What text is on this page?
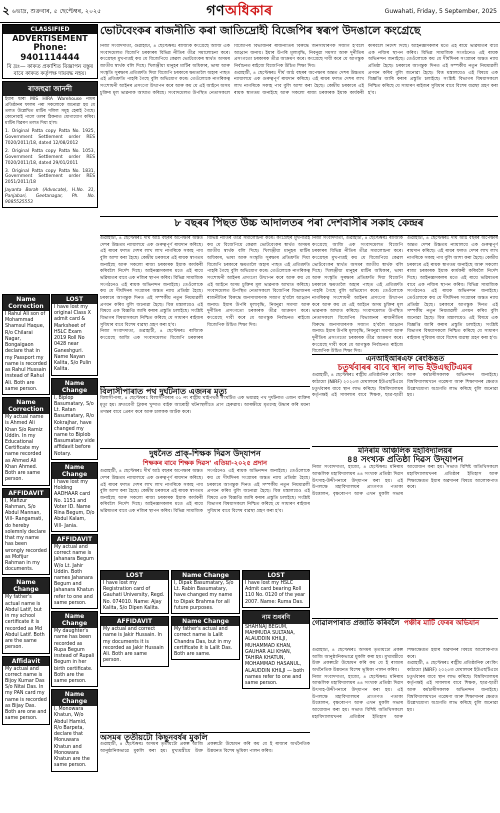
২ ৬ভাদ্ৰ, শুক্ৰবাৰ, ৫ ছেপ্টেম্বৰ, ২০২৫	গণঅধিকাৰ	Guwahati, Friday, 5 September, 2025
CLASSIFIED
ADVERTISEMENT
Phone: 9401114444
বি দ্ৰঃ— কাকত প্ৰকাশিত বিজ্ঞাপন বস্তুৰ বাবে কাকত কৰ্তৃপক্ষ দায়বদ্ধ নহয়।
ৰাজহুৱা জাননী
ইয়াৰ দ্বাৰা MIS HIRA Warehouse নামৰ প্ৰতিষ্ঠানৰ ফালৰ পৰা সকলোকে জনোৱা হয় যে তলত উল্লেখিত মাটিৰ দলিল সমূহ হেৰাই গৈছে। কোনোবাই পালে তলৰ ঠিকনাত যোগাযোগ কৰিব। মাটিৰ বিৱৰণ তলত দিয়া হ'ল।
1. Original Patta copy Patta No. 1925, Government Settlement order RES 7020/2011/18, dated 12/08/2012
2. Original Patta copy Patta No. 1053, Government Settlement order RES 7020/2011/18, dated 29/01/2011
3. Original Patta copy Patta No. 1831, Government Settlement order RES 2051/2011/18
Jayanta Borah (Advocate), H.No. 31, Panjabari, Geetanagar, Ph. No. 9085525553
Name Correction
I Rahul Ali son of Mohammad Shamsul Haque, R/o Chilarai Nagar, Bongaigaon declare that in my Passport my name is recorded as Rahul Hussain instead of Rahul Ali. Both are same person.
Name Correction
My actual name is Ahmed Ali Khan S/o Ramiz Uddin. In my Educational Certificate my name recorded as Ahmed Ali Khan Ahmed. Both are same person.
AFFIDAVIT
I, Mafizur Rahman, S/o Abdul Mannan, Vill- Rangamati, do hereby solemnly declare that my name has been wrongly recorded as Mofijur Rahman in my documents.
Name Change
My father's actual name is Abdul Latif, but in my school certificate it is recorded as Md Abdul Latif. Both are the same person.
Affidavit
My actual and correct name is Bijoy Kumar Das S/o Nitai Das. In my PAN card my name is recorded as Bijay Das. Both are one and same person.
LOST
I have lost my original Class X admit card & Marksheet of HSLC Exam 2019 Roll No 0428 near Ganeshguri. Name Nayan Kalita, S/o Pulin Kalita.
Name Change
I, Biplop Basumatary, S/o Lt. Ratan Basumatary, R/o Kokrajhar, have changed my name to Biplob Basumatary vide affidavit before Notary.
Name Change
I have lost my Holding AADHAAR card No. 1151 and Voter ID. Name Rina Begum, D/o Abdul Kalam, Vill- Jania.
AFFIDAVIT
My actual and correct name is Jahanara Begum W/o Lt. Jahir Uddin. Both names Jahanara Begum and Jahanara Khatun refer to one and same person.
Name Change
My daughter's name has been recorded as Rupa Begum instead of Rupali Begum in her birth certificate. Both are the same person.
Name Change
I, Monowara Khatun, W/o Abdul Hamid, R/o Barpeta, declare that Monuwara Khatun and Monowara Khatun are the same person.
ভোটবেংকৰ ৰাজনীতি কৰা জাতিদ্ৰোহী বিজেপিৰ স্বৰূপ উদঙালে কংগ্ৰেছে
নিজা সংবাদদাতা, গুৱাহাটী, ৪ ছেপ্টেম্বৰঃ ৰাজ্যিক কংগ্ৰেছে আজি এক সংবাদমেলত বিজেপি চৰকাৰৰ বিভিন্ন নীতিৰ তীব্ৰ সমালোচনা কৰে। কংগ্ৰেছৰ মুখপাত্ৰই কয় যে বিজেপিয়ে কেৱল ভোটবেংকৰ স্বাৰ্থত অসমৰ জাতীয় স্বাৰ্থক বলি দিছে। খিলঞ্জীয়া মানুহৰ মাটিৰ অধিকাৰ, ভাষা আৰু সংস্কৃতি সুৰক্ষাৰ প্ৰতিশ্ৰুতি দিয়া বিজেপি চৰকাৰে ক্ষমতালৈ অহাৰ পাছত এই প্ৰতিশ্ৰুতি পাহৰি গৈছে বুলি অভিযোগ কৰে। তেওঁলোকে নাগৰিকত্ব সংশোধনী আইনৰ প্ৰসংগো উত্থাপন কৰে আৰু কয় যে এই আইনে অসম চুক্তিৰ মূল ভাৱনাক আঘাত কৰিছে। সংবাদমেলত উপস্থিত নেতাসকলে বিজেপিৰ বিভাজনৰ ৰাজনীতিৰ বিৰুদ্ধে জনসাধাৰণক সজাগ হ'বলৈ আহ্বান জনায়। ইয়াৰ উপৰি মূল্যবৃদ্ধি, নিবনুৱা সমস্যা আৰু দুৰ্নীতিৰ প্ৰসংগতো চৰকাৰক তীব্ৰ আক্ৰমণ কৰে। কংগ্ৰেছে দাবী কৰে যে আগন্তুক নিৰ্বাচনত ৰাইজে বিজেপিক উচিত শিক্ষা দিব।
গুৱাহাটী, ৪ ছেপ্টেম্বৰঃ দীৰ্ঘ আঠ বছৰৰ অপেক্ষাৰ অন্তত দেশৰ উচ্চতম ন্যায়ালয়ে এক গুৰুত্বপূৰ্ণ ৰায়দান কৰিছে। এই ৰায়ৰ ফলত দেশৰ লাখ লাখ নাগৰিকে সকাহ পাব বুলি আশা কৰা হৈছে। কেন্দ্ৰীয় চৰকাৰে এই ৰায়ক স্বাগতম জনাইছে আৰু সকলো ৰাজ্য চৰকাৰক ইয়াক কাৰ্যকৰী কৰিবলৈ নিৰ্দেশ দিছে। আইনজ্ঞসকলৰ মতে এই ৰায়ে ভৱিষ্যতৰ বাবে এক নজিৰ স্থাপন কৰিব। বিভিন্ন সামাজিক সংগঠনেও এই ৰায়ক অভিনন্দন জনাইছে। তেওঁলোকে কয় যে দীৰ্ঘদিনৰ সংগ্ৰামৰ অন্তত ন্যায় প্ৰতিষ্ঠা হৈছে। চৰকাৰে আগন্তুক দিনত এই সম্পৰ্কীয় নতুন নিয়মাৱলী প্ৰণয়ন কৰিব বুলি জনোৱা হৈছে। বিত্ত মন্ত্ৰালয়েও এই বিষয়ে এক বিজ্ঞপ্তি জাৰি কৰাৰ প্ৰস্তুতি চলাইছে। সংশ্লিষ্ট বিভাগৰ বিষয়াসকলে নিশ্চিত কৰিছে যে সাধাৰণ ৰাইজৰ সুবিধাৰ বাবে বিশেষ ব্যৱস্থা গ্ৰহণ কৰা হ'ব।
৮ বছৰৰ পিছত উচ্চ আদালতৰ পৰা দেশবাসীৰ সকাহ কেন্দ্ৰৰ
গুৱাহাটী, ৪ ছেপ্টেম্বৰঃ দীৰ্ঘ আঠ বছৰৰ অপেক্ষাৰ অন্তত দেশৰ উচ্চতম ন্যায়ালয়ে এক গুৰুত্বপূৰ্ণ ৰায়দান কৰিছে। এই ৰায়ৰ ফলত দেশৰ লাখ লাখ নাগৰিকে সকাহ পাব বুলি আশা কৰা হৈছে। কেন্দ্ৰীয় চৰকাৰে এই ৰায়ক স্বাগতম জনাইছে আৰু সকলো ৰাজ্য চৰকাৰক ইয়াক কাৰ্যকৰী কৰিবলৈ নিৰ্দেশ দিছে। আইনজ্ঞসকলৰ মতে এই ৰায়ে ভৱিষ্যতৰ বাবে এক নজিৰ স্থাপন কৰিব। বিভিন্ন সামাজিক সংগঠনেও এই ৰায়ক অভিনন্দন জনাইছে। তেওঁলোকে কয় যে দীৰ্ঘদিনৰ সংগ্ৰামৰ অন্তত ন্যায় প্ৰতিষ্ঠা হৈছে। চৰকাৰে আগন্তুক দিনত এই সম্পৰ্কীয় নতুন নিয়মাৱলী প্ৰণয়ন কৰিব বুলি জনোৱা হৈছে। বিত্ত মন্ত্ৰালয়েও এই বিষয়ে এক বিজ্ঞপ্তি জাৰি কৰাৰ প্ৰস্তুতি চলাইছে। সংশ্লিষ্ট বিভাগৰ বিষয়াসকলে নিশ্চিত কৰিছে যে সাধাৰণ ৰাইজৰ সুবিধাৰ বাবে বিশেষ ব্যৱস্থা গ্ৰহণ কৰা হ'ব।
নিজা সংবাদদাতা, গুৱাহাটী, ৪ ছেপ্টেম্বৰঃ ৰাজ্যিক কংগ্ৰেছে আজি এক সংবাদমেলত বিজেপি চৰকাৰৰ বিভিন্ন নীতিৰ তীব্ৰ সমালোচনা কৰে। কংগ্ৰেছৰ মুখপাত্ৰই কয় যে বিজেপিয়ে কেৱল ভোটবেংকৰ স্বাৰ্থত অসমৰ জাতীয় স্বাৰ্থক বলি দিছে। খিলঞ্জীয়া মানুহৰ মাটিৰ অধিকাৰ, ভাষা আৰু সংস্কৃতি সুৰক্ষাৰ প্ৰতিশ্ৰুতি দিয়া বিজেপি চৰকাৰে ক্ষমতালৈ অহাৰ পাছত এই প্ৰতিশ্ৰুতি পাহৰি গৈছে বুলি অভিযোগ কৰে। তেওঁলোকে নাগৰিকত্ব সংশোধনী আইনৰ প্ৰসংগো উত্থাপন কৰে আৰু কয় যে এই আইনে অসম চুক্তিৰ মূল ভাৱনাক আঘাত কৰিছে। সংবাদমেলত উপস্থিত নেতাসকলে বিজেপিৰ বিভাজনৰ ৰাজনীতিৰ বিৰুদ্ধে জনসাধাৰণক সজাগ হ'বলৈ আহ্বান জনায়। ইয়াৰ উপৰি মূল্যবৃদ্ধি, নিবনুৱা সমস্যা আৰু দুৰ্নীতিৰ প্ৰসংগতো চৰকাৰক তীব্ৰ আক্ৰমণ কৰে। কংগ্ৰেছে দাবী কৰে যে আগন্তুক নিৰ্বাচনত ৰাইজে বিজেপিক উচিত শিক্ষা দিব।
নিজা সংবাদদাতা, গুৱাহাটী, ৪ ছেপ্টেম্বৰঃ ৰাজ্যিক কংগ্ৰেছে আজি এক সংবাদমেলত বিজেপি চৰকাৰৰ বিভিন্ন নীতিৰ তীব্ৰ সমালোচনা কৰে। কংগ্ৰেছৰ মুখপাত্ৰই কয় যে বিজেপিয়ে কেৱল ভোটবেংকৰ স্বাৰ্থত অসমৰ জাতীয় স্বাৰ্থক বলি দিছে। খিলঞ্জীয়া মানুহৰ মাটিৰ অধিকাৰ, ভাষা আৰু সংস্কৃতি সুৰক্ষাৰ প্ৰতিশ্ৰুতি দিয়া বিজেপি চৰকাৰে ক্ষমতালৈ অহাৰ পাছত এই প্ৰতিশ্ৰুতি পাহৰি গৈছে বুলি অভিযোগ কৰে। তেওঁলোকে নাগৰিকত্ব সংশোধনী আইনৰ প্ৰসংগো উত্থাপন কৰে আৰু কয় যে এই আইনে অসম চুক্তিৰ মূল ভাৱনাক আঘাত কৰিছে। সংবাদমেলত উপস্থিত নেতাসকলে বিজেপিৰ বিভাজনৰ ৰাজনীতিৰ বিৰুদ্ধে জনসাধাৰণক সজাগ হ'বলৈ আহ্বান জনায়। ইয়াৰ উপৰি মূল্যবৃদ্ধি, নিবনুৱা সমস্যা আৰু দুৰ্নীতিৰ প্ৰসংগতো চৰকাৰক তীব্ৰ আক্ৰমণ কৰে। কংগ্ৰেছে দাবী কৰে যে আগন্তুক নিৰ্বাচনত ৰাইজে বিজেপিক উচিত শিক্ষা দিব।
গুৱাহাটী, ৪ ছেপ্টেম্বৰঃ দীৰ্ঘ আঠ বছৰৰ অপেক্ষাৰ অন্তত দেশৰ উচ্চতম ন্যায়ালয়ে এক গুৰুত্বপূৰ্ণ ৰায়দান কৰিছে। এই ৰায়ৰ ফলত দেশৰ লাখ লাখ নাগৰিকে সকাহ পাব বুলি আশা কৰা হৈছে। কেন্দ্ৰীয় চৰকাৰে এই ৰায়ক স্বাগতম জনাইছে আৰু সকলো ৰাজ্য চৰকাৰক ইয়াক কাৰ্যকৰী কৰিবলৈ নিৰ্দেশ দিছে। আইনজ্ঞসকলৰ মতে এই ৰায়ে ভৱিষ্যতৰ বাবে এক নজিৰ স্থাপন কৰিব। বিভিন্ন সামাজিক সংগঠনেও এই ৰায়ক অভিনন্দন জনাইছে। তেওঁলোকে কয় যে দীৰ্ঘদিনৰ সংগ্ৰামৰ অন্তত ন্যায় প্ৰতিষ্ঠা হৈছে। চৰকাৰে আগন্তুক দিনত এই সম্পৰ্কীয় নতুন নিয়মাৱলী প্ৰণয়ন কৰিব বুলি জনোৱা হৈছে। বিত্ত মন্ত্ৰালয়েও এই বিষয়ে এক বিজ্ঞপ্তি জাৰি কৰাৰ প্ৰস্তুতি চলাইছে। সংশ্লিষ্ট বিভাগৰ বিষয়াসকলে নিশ্চিত কৰিছে যে সাধাৰণ ৰাইজৰ সুবিধাৰ বাবে বিশেষ ব্যৱস্থা গ্ৰহণ কৰা হ'ব।
বিলাসীপাৰাত পথ দুৰ্ঘটনাত এজনৰ মৃত্যু
বিলাসীপাৰা, ৪ ছেপ্টেম্বৰঃ বিলাসীপাৰাৰ ৩১ নং ৰাষ্ট্ৰীয় ঘাইপথত সংঘটিত এক ভয়াৱহ পথ দুৰ্ঘটনাত এজন ব্যক্তিৰ মৃত্যু হয়। দ্ৰুতবেগী ট্ৰাকৰ খুন্দাত বাইক আৰোহী ঘটনাস্থলীতে প্ৰাণ হেৰুৱায়। আৰক্ষীয়ে মৃতদেহ উদ্ধাৰ কৰি ময়না তদন্তৰ বাবে প্ৰেৰণ কৰে আৰু চালকক আটক কৰে।
এনআইআৰএফ ৰেংকিঙত
চতুৰ্থবাৰৰ বাবে স্থান লাভ ইউএছটিএমৰ
গুৱাহাটী, ৪ ছেপ্টেম্বৰঃ ৰাষ্ট্ৰীয় প্ৰতিষ্ঠানিক ৰেংকিং কাঠামো (NIRF) ২০২৫ত মেঘালয়ৰ ইউএছটিএমে চতুৰ্থবাৰৰ বাবে স্থান লাভ কৰিছে। বিশ্ববিদ্যালয়ৰ কৰ্তৃপক্ষই এই সাফল্যৰ বাবে শিক্ষক, ছাত্ৰ-ছাত্ৰী আৰু কৰ্মচাৰীসকলক অভিনন্দন জনাইছে। বিশ্ববিদ্যালয়খনে গৱেষণা আৰু শিক্ষাদানৰ ক্ষেত্ৰত উল্লেখযোগ্য অগ্ৰগতি লাভ কৰিছে বুলি জনোৱা হয়।
দুধনৈত প্ৰাক্-শিক্ষক দিৱস উদ্‌যাপন
শিক্ষকৰ বাবে শিক্ষক দিৱস' এতিয়া-২০২৫ প্ৰদান
গুৱাহাটী, ৪ ছেপ্টেম্বৰঃ দীৰ্ঘ আঠ বছৰৰ অপেক্ষাৰ অন্তত দেশৰ উচ্চতম ন্যায়ালয়ে এক গুৰুত্বপূৰ্ণ ৰায়দান কৰিছে। এই ৰায়ৰ ফলত দেশৰ লাখ লাখ নাগৰিকে সকাহ পাব বুলি আশা কৰা হৈছে। কেন্দ্ৰীয় চৰকাৰে এই ৰায়ক স্বাগতম জনাইছে আৰু সকলো ৰাজ্য চৰকাৰক ইয়াক কাৰ্যকৰী কৰিবলৈ নিৰ্দেশ দিছে। আইনজ্ঞসকলৰ মতে এই ৰায়ে ভৱিষ্যতৰ বাবে এক নজিৰ স্থাপন কৰিব। বিভিন্ন সামাজিক সংগঠনেও এই ৰায়ক অভিনন্দন জনাইছে। তেওঁলোকে কয় যে দীৰ্ঘদিনৰ সংগ্ৰামৰ অন্তত ন্যায় প্ৰতিষ্ঠা হৈছে। চৰকাৰে আগন্তুক দিনত এই সম্পৰ্কীয় নতুন নিয়মাৱলী প্ৰণয়ন কৰিব বুলি জনোৱা হৈছে। বিত্ত মন্ত্ৰালয়েও এই বিষয়ে এক বিজ্ঞপ্তি জাৰি কৰাৰ প্ৰস্তুতি চলাইছে। সংশ্লিষ্ট বিভাগৰ বিষয়াসকলে নিশ্চিত কৰিছে যে সাধাৰণ ৰাইজৰ সুবিধাৰ বাবে বিশেষ ব্যৱস্থা গ্ৰহণ কৰা হ'ব।
মনিৰাম আঞ্চলিক মহাবিদ্যালয়ৰ
৪৪ সংখ্যক প্ৰতিষ্ঠা দিৱস উদ্‌যাপন
নিজা সংবাদদাতা, হাজো, ৪ ছেপ্টেম্বৰঃ মনিৰাম আঞ্চলিক মহাবিদ্যালয়ৰ ৪৪ সংখ্যক প্ৰতিষ্ঠা দিৱস উৎসাহ-উদ্দীপনাৰে উদ্‌যাপন কৰা হয়। এই উপলক্ষে মহাবিদ্যালয়ৰ প্ৰাংগণত পতাকা উত্তোলন, বৃক্ষৰোপণ আৰু এখন মুকলি সভাৰ আয়োজন কৰা হয়। সভাত বিশিষ্ট অতিথিসকলে মহাবিদ্যালয়খনৰ প্ৰতিষ্ঠাৰ ইতিহাস আৰু শিক্ষাক্ষেত্ৰত ইয়াৰ অৱদানৰ বিষয়ে আলোকপাত কৰে।
LOST
I have lost my Registration card of Gauhati University, Regd. No. 074010. Name: Ajay Kalita, S/o Dipen Kalita.
AFFIDAVIT
My actual and correct name is Jakir Hussain. In my documents it is recorded as Jakir Hussain Ali. Both are same person.
Name Change
I, Dipak Basumatary, S/o Lt. Rabin Basumatary, have changed my name to Dipak Brahma for all future purposes.
Name Change
My father's actual and correct name is Lalit Chandra Das, but in my certificate it is Lalit Das. Both are same.
LOST
I have lost my HSLC Admit card bearing Roll 110 No. 0120 of the year 2007. Name: Ruma Das.
নাম শুধৰণি
SHAHNAJ BEGUM, MAHMUDA SULTANA, ALAUDDIN KHILJI, MUHAMMAD KHAN, GAUHAR ALI KHAN, TAHIRA KHATUN, MOHAMMAD HASANUL, ALAUDDIN KHILJI — both names refer to one and same person.
গোৱালপাৰাত প্ৰজাতি কৰিবলৈ পঞ্চীৰ মাটি ফেৰৰ অভিযান
গুৱাহাটী, ৪ ছেপ্টেম্বৰঃ অসমৰ তৃতীয়টো প্ৰকল্প আজি আনুষ্ঠানিকভাৱে মুকলি কৰা হয়। মুখ্যমন্ত্ৰীয়ে উক্ত প্ৰকল্পটো উদ্বোধন কৰি কয় যে ই ৰাজ্যৰ অৰ্থনৈতিক উন্নয়নত বিশেষ ভূমিকা পালন কৰিব।
নিজা সংবাদদাতা, হাজো, ৪ ছেপ্টেম্বৰঃ মনিৰাম আঞ্চলিক মহাবিদ্যালয়ৰ ৪৪ সংখ্যক প্ৰতিষ্ঠা দিৱস উৎসাহ-উদ্দীপনাৰে উদ্‌যাপন কৰা হয়। এই উপলক্ষে মহাবিদ্যালয়ৰ প্ৰাংগণত পতাকা উত্তোলন, বৃক্ষৰোপণ আৰু এখন মুকলি সভাৰ আয়োজন কৰা হয়। সভাত বিশিষ্ট অতিথিসকলে মহাবিদ্যালয়খনৰ প্ৰতিষ্ঠাৰ ইতিহাস আৰু শিক্ষাক্ষেত্ৰত ইয়াৰ অৱদানৰ বিষয়ে আলোকপাত কৰে।
গুৱাহাটী, ৪ ছেপ্টেম্বৰঃ ৰাষ্ট্ৰীয় প্ৰতিষ্ঠানিক ৰেংকিং কাঠামো (NIRF) ২০২৫ত মেঘালয়ৰ ইউএছটিএমে চতুৰ্থবাৰৰ বাবে স্থান লাভ কৰিছে। বিশ্ববিদ্যালয়ৰ কৰ্তৃপক্ষই এই সাফল্যৰ বাবে শিক্ষক, ছাত্ৰ-ছাত্ৰী আৰু কৰ্মচাৰীসকলক অভিনন্দন জনাইছে। বিশ্ববিদ্যালয়খনে গৱেষণা আৰু শিক্ষাদানৰ ক্ষেত্ৰত উল্লেখযোগ্য অগ্ৰগতি লাভ কৰিছে বুলি জনোৱা হয়।
অসমৰ তৃতীয়টো কিছুনবৰ্ষৰ মুকলি
গুৱাহাটী, ৪ ছেপ্টেম্বৰঃ অসমৰ তৃতীয়টো প্ৰকল্প আজি আনুষ্ঠানিকভাৱে মুকলি কৰা হয়। মুখ্যমন্ত্ৰীয়ে উক্ত প্ৰকল্পটো উদ্বোধন কৰি কয় যে ই ৰাজ্যৰ অৰ্থনৈতিক উন্নয়নত বিশেষ ভূমিকা পালন কৰিব।
